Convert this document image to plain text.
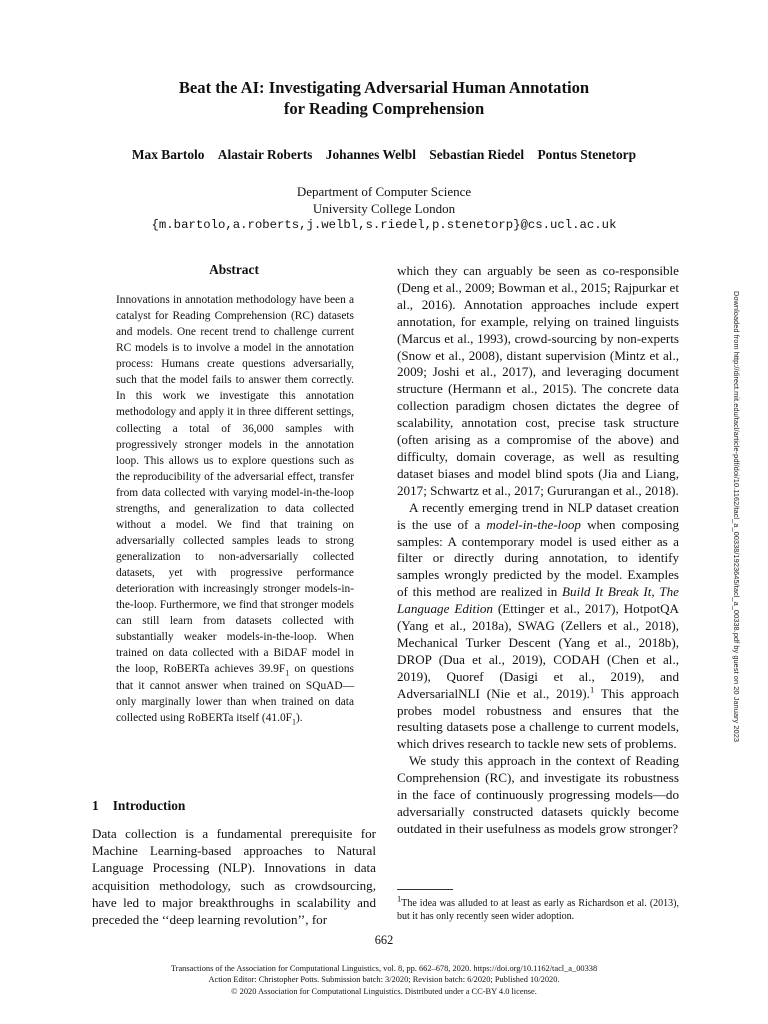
Beat the AI: Investigating Adversarial Human Annotation
for Reading Comprehension
Max Bartolo Alastair Roberts Johannes Welbl Sebastian Riedel Pontus Stenetorp
Department of Computer Science
University College London
{m.bartolo,a.roberts,j.welbl,s.riedel,p.stenetorp}@cs.ucl.ac.uk
Abstract
Innovations in annotation methodology have been a catalyst for Reading Comprehension (RC) datasets and models. One recent trend to challenge current RC models is to involve a model in the annotation process: Humans create questions adversarially, such that the model fails to answer them correctly. In this work we investigate this annotation methodology and apply it in three different settings, collecting a total of 36,000 samples with progressively stronger models in the annotation loop. This allows us to explore questions such as the reproducibility of the adversarial effect, transfer from data collected with varying model-in-the-loop strengths, and generalization to data collected without a model. We find that training on adversarially collected samples leads to strong generalization to non-adversarially collected datasets, yet with progressive performance deterioration with increasingly stronger models-in-the-loop. Furthermore, we find that stronger models can still learn from datasets collected with substantially weaker models-in-the-loop. When trained on data collected with a BiDAF model in the loop, RoBERTa achieves $39.9F_1$ on questions that it cannot answer when trained on SQuAD—only marginally lower than when trained on data collected using RoBERTa itself $(41.0F_1)$.
1 Introduction
Data collection is a fundamental prerequisite for Machine Learning-based approaches to Natural Language Processing (NLP). Innovations in data acquisition methodology, such as crowdsourcing, have led to major breakthroughs in scalability and preceded the ‘‘deep learning revolution’’, for

which they can arguably be seen as co-responsible (Deng et al., 2009; Bowman et al., 2015; Rajpurkar et al., 2016). Annotation approaches include expert annotation, for example, relying on trained linguists (Marcus et al., 1993), crowd-sourcing by non-experts (Snow et al., 2008), distant supervision (Mintz et al., 2009; Joshi et al., 2017), and leveraging document structure (Hermann et al., 2015). The concrete data collection paradigm chosen dictates the degree of scalability, annotation cost, precise task structure (often arising as a compromise of the above) and difficulty, domain coverage, as well as resulting dataset biases and model blind spots (Jia and Liang, 2017; Schwartz et al., 2017; Gururangan et al., 2018).

A recently emerging trend in NLP dataset creation is the use of a model-in-the-loop when composing samples: A contemporary model is used either as a filter or directly during annotation, to identify samples wrongly predicted by the model. Examples of this method are realized in Build It Break It, The Language Edition (Ettinger et al., 2017), HotpotQA (Yang et al., 2018a), SWAG (Zellers et al., 2018), Mechanical Turker Descent (Yang et al., 2018b), DROP (Dua et al., 2019), CODAH (Chen et al., 2019), Quoref (Dasigi et al., 2019), and AdversarialNLI (Nie et al., 2019).$^1$ This approach probes model robustness and ensures that the resulting datasets pose a challenge to current models, which drives research to tackle new sets of problems.

We study this approach in the context of Reading Comprehension (RC), and investigate its robustness in the face of continuously progressing models—do adversarially constructed datasets quickly become outdated in their usefulness as models grow stronger?

$^1$The idea was alluded to at least as early as Richardson et al. (2013), but it has only recently seen wider adoption.
662
Transactions of the Association for Computational Linguistics, vol. 8, pp. 662–678, 2020. https://doi.org/10.1162/tacl_a_00338
Action Editor: Christopher Potts. Submission batch: 3/2020; Revision batch: 6/2020; Published 10/2020.
© 2020 Association for Computational Linguistics. Distributed under a CC-BY 4.0 license.
Downloaded from http://direct.mit.edu/tacl/article-pdf/doi/10.1162/tacl_a_00338/1923645/tacl_a_00338.pdf by guest on 20 January 2023
